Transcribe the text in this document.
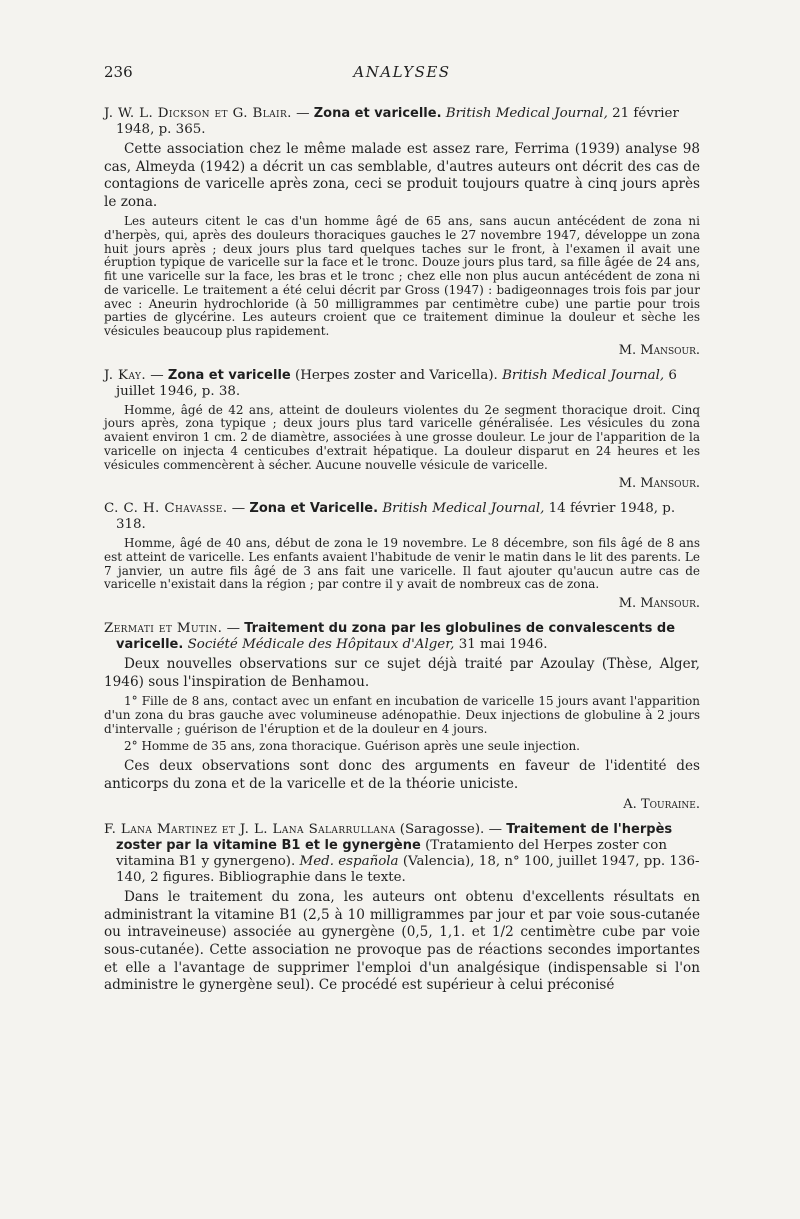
236	ANALYSES

J. W. L. Dickson et G. Blair. — Zona et varicelle. British Medical Journal, 21 février 1948, p. 365.

Cette association chez le même malade est assez rare, Ferrima (1939) analyse 98 cas, Almeyda (1942) a décrit un cas semblable, d'autres auteurs ont décrit des cas de contagions de varicelle après zona, ceci se produit toujours quatre à cinq jours après le zona.

Les auteurs citent le cas d'un homme âgé de 65 ans, sans aucun antécédent de zona ni d'herpès, qui, après des douleurs thoraciques gauches le 27 novembre 1947, développe un zona huit jours après ; deux jours plus tard quelques taches sur le front, à l'examen il avait une éruption typique de varicelle sur la face et le tronc. Douze jours plus tard, sa fille âgée de 24 ans, fit une varicelle sur la face, les bras et le tronc ; chez elle non plus aucun antécédent de zona ni de varicelle. Le traitement a été celui décrit par Gross (1947) : badigeonnages trois fois par jour avec : Aneurin hydrochloride (à 50 milligrammes par centimètre cube) une partie pour trois parties de glycérine. Les auteurs croient que ce traitement diminue la douleur et sèche les vésicules beaucoup plus rapidement.

M. Mansour.

J. Kay. — Zona et varicelle (Herpes zoster and Varicella). British Medical Journal, 6 juillet 1946, p. 38.

Homme, âgé de 42 ans, atteint de douleurs violentes du 2e segment thoracique droit. Cinq jours après, zona typique ; deux jours plus tard varicelle généralisée. Les vésicules du zona avaient environ 1 cm. 2 de diamètre, associées à une grosse douleur. Le jour de l'apparition de la varicelle on injecta 4 centicubes d'extrait hépatique. La douleur disparut en 24 heures et les vésicules commencèrent à sécher. Aucune nouvelle vésicule de varicelle.

M. Mansour.

C. C. H. Chavasse. — Zona et Varicelle. British Medical Journal, 14 février 1948, p. 318.

Homme, âgé de 40 ans, début de zona le 19 novembre. Le 8 décembre, son fils âgé de 8 ans est atteint de varicelle. Les enfants avaient l'habitude de venir le matin dans le lit des parents. Le 7 janvier, un autre fils âgé de 3 ans fait une varicelle. Il faut ajouter qu'aucun autre cas de varicelle n'existait dans la région ; par contre il y avait de nombreux cas de zona.

M. Mansour.

Zermati et Mutin. — Traitement du zona par les globulines de convalescents de varicelle. Société Médicale des Hôpitaux d'Alger, 31 mai 1946.

Deux nouvelles observations sur ce sujet déjà traité par Azoulay (Thèse, Alger, 1946) sous l'inspiration de Benhamou.

1° Fille de 8 ans, contact avec un enfant en incubation de varicelle 15 jours avant l'apparition d'un zona du bras gauche avec volumineuse adénopathie. Deux injections de globuline à 2 jours d'intervalle ; guérison de l'éruption et de la douleur en 4 jours.

2° Homme de 35 ans, zona thoracique. Guérison après une seule injection.

Ces deux observations sont donc des arguments en faveur de l'identité des anticorps du zona et de la varicelle et de la théorie uniciste.

A. Touraine.

F. Lana Martinez et J. L. Lana Salarrullana (Saragosse). — Traitement de l'herpès zoster par la vitamine B1 et le gynergène (Tratamiento del Herpes zoster con vitamina B1 y gynergeno). Med. española (Valencia), 18, n° 100, juillet 1947, pp. 136-140, 2 figures. Bibliographie dans le texte.

Dans le traitement du zona, les auteurs ont obtenu d'excellents résultats en administrant la vitamine B1 (2,5 à 10 milligrammes par jour et par voie sous-cutanée ou intraveineuse) associée au gynergène (0,5, 1,1. et 1/2 centimètre cube par voie sous-cutanée). Cette association ne provoque pas de réactions secondes importantes et elle a l'avantage de supprimer l'emploi d'un analgésique (indispensable si l'on administre le gynergène seul). Ce procédé est supérieur à celui préconisé
